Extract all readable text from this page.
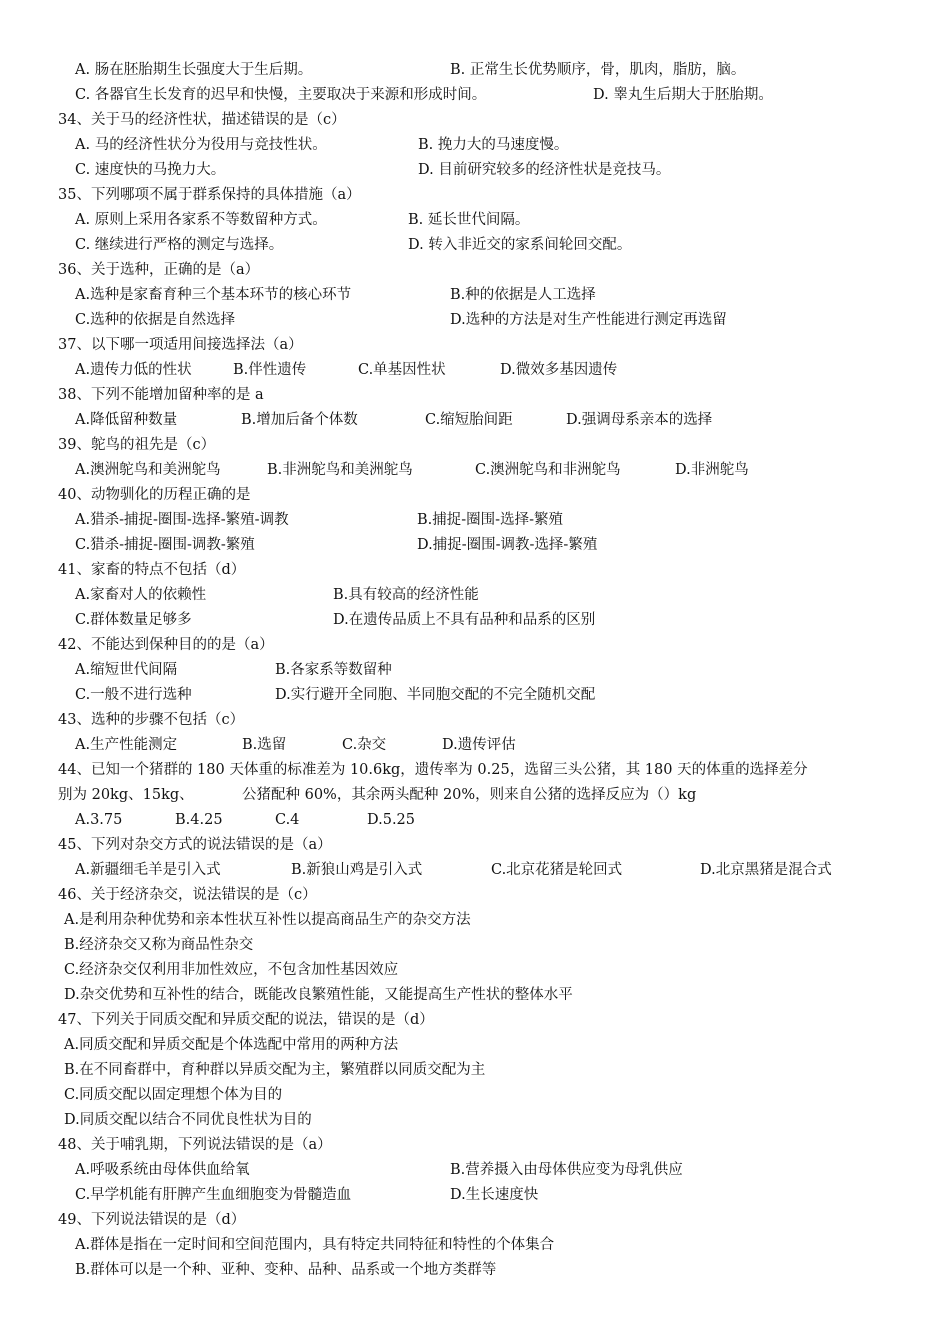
A. 肠在胚胎期生长强度大于生后期。	B. 正常生长优势顺序，骨，肌肉，脂肪，脑。
C. 各器官生长发育的迟早和快慢，主要取决于来源和形成时间。	D. 睾丸生后期大于胚胎期。
34、关于马的经济性状，描述错误的是（c）
A. 马的经济性状分为役用与竞技性状。	B. 挽力大的马速度慢。
C. 速度快的马挽力大。	D. 目前研究较多的经济性状是竞技马。
35、下列哪项不属于群系保持的具体措施（a）
A. 原则上采用各家系不等数留种方式。	B. 延长世代间隔。
C. 继续进行严格的测定与选择。	D. 转入非近交的家系间轮回交配。
36、关于选种，正确的是（a）
A.选种是家畜育种三个基本环节的核心环节	B.种的依据是人工选择
C.选种的依据是自然选择	D.选种的方法是对生产性能进行测定再选留
37、以下哪一项适用间接选择法（a）
A.遗传力低的性状	B.伴性遗传	C.单基因性状	D.微效多基因遗传
38、下列不能增加留种率的是 a
A.降低留种数量	B.增加后备个体数	C.缩短胎间距	D.强调母系亲本的选择
39、鸵鸟的祖先是（c）
A.澳洲鸵鸟和美洲鸵鸟	B.非洲鸵鸟和美洲鸵鸟	C.澳洲鸵鸟和非洲鸵鸟	D.非洲鸵鸟
40、动物驯化的历程正确的是
A.猎杀-捕捉-圈围-选择-繁殖-调教	B.捕捉-圈围-选择-繁殖
C.猎杀-捕捉-圈围-调教-繁殖	D.捕捉-圈围-调教-选择-繁殖
41、家畜的特点不包括（d）
A.家畜对人的依赖性	B.具有较高的经济性能
C.群体数量足够多	D.在遗传品质上不具有品种和品系的区别
42、不能达到保种目的的是（a）
A.缩短世代间隔	B.各家系等数留种
C.一般不进行选种	D.实行避开全同胞、半同胞交配的不完全随机交配
43、选种的步骤不包括（c）
A.生产性能测定	B.选留	C.杂交	D.遗传评估
44、已知一个猪群的 180 天体重的标准差为 10.6kg，遗传率为 0.25，选留三头公猪，其 180 天的体重的选择差分
别为 20kg、15kg、	公猪配种 60%，其余两头配种 20%，则来自公猪的选择反应为（）kg
A.3.75	B.4.25	C.4	D.5.25
45、下列对杂交方式的说法错误的是（a）
A.新疆细毛羊是引入式	B.新狼山鸡是引入式	C.北京花猪是轮回式	D.北京黑猪是混合式
46、关于经济杂交，说法错误的是（c）
A.是利用杂种优势和亲本性状互补性以提高商品生产的杂交方法
B.经济杂交又称为商品性杂交
C.经济杂交仅利用非加性效应，不包含加性基因效应
D.杂交优势和互补性的结合，既能改良繁殖性能，又能提高生产性状的整体水平
47、下列关于同质交配和异质交配的说法，错误的是（d）
A.同质交配和异质交配是个体选配中常用的两种方法
B.在不同畜群中，育种群以异质交配为主，繁殖群以同质交配为主
C.同质交配以固定理想个体为目的
D.同质交配以结合不同优良性状为目的
48、关于哺乳期，下列说法错误的是（a）
A.呼吸系统由母体供血给氧	B.营养摄入由母体供应变为母乳供应
C.早学机能有肝脾产生血细胞变为骨髓造血	D.生长速度快
49、下列说法错误的是（d）
A.群体是指在一定时间和空间范围内，具有特定共同特征和特性的个体集合
B.群体可以是一个种、亚种、变种、品种、品系或一个地方类群等
